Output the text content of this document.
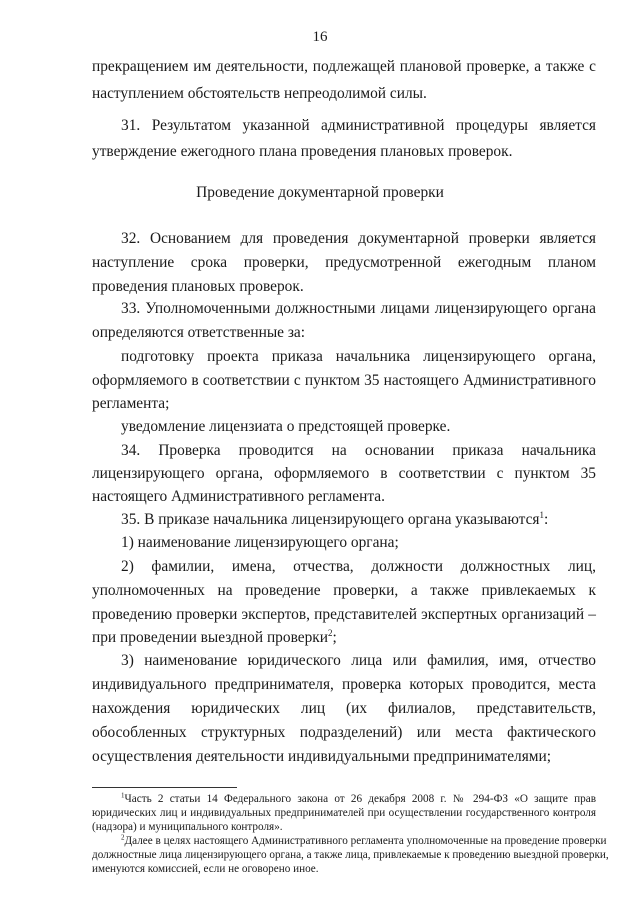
16
прекращением им деятельности, подлежащей плановой проверке, а также с
наступлением обстоятельств непреодолимой силы.
31. Результатом указанной административной процедуры является
утверждение ежегодного плана проведения плановых проверок.
Проведение документарной проверки
32. Основанием для проведения документарной проверки является
наступление срока проверки, предусмотренной ежегодным планом
проведения плановых проверок.
33. Уполномоченными должностными лицами лицензирующего органа
определяются ответственные за:
подготовку проекта приказа начальника лицензирующего органа,
оформляемого в соответствии с пунктом 35 настоящего Административного
регламента;
уведомление лицензиата о предстоящей проверке.
34. Проверка проводится на основании приказа начальника
лицензирующего органа, оформляемого в соответствии с пунктом 35
настоящего Административного регламента.
35. В приказе начальника лицензирующего органа указываются$^1$:
1) наименование лицензирующего органа;
2) фамилии, имена, отчества, должности должностных лиц,
уполномоченных на проведение проверки, а также привлекаемых к
проведению проверки экспертов, представителей экспертных организаций –
при проведении выездной проверки$^2$;
3) наименование юридического лица или фамилия, имя, отчество
индивидуального предпринимателя, проверка которых проводится, места
нахождения юридических лиц (их филиалов, представительств,
обособленных структурных подразделений) или места фактического
осуществления деятельности индивидуальными предпринимателями;
$^1$Часть 2 статьи 14 Федерального закона от 26 декабря 2008 г. № 294-ФЗ «О защите прав
юридических лиц и индивидуальных предпринимателей при осуществлении государственного контроля
(надзора) и муниципального контроля».
$^2$Далее в целях настоящего Административного регламента уполномоченные на проведение проверки
должностные лица лицензирующего органа, а также лица, привлекаемые к проведению выездной проверки,
именуются комиссией, если не оговорено иное.
